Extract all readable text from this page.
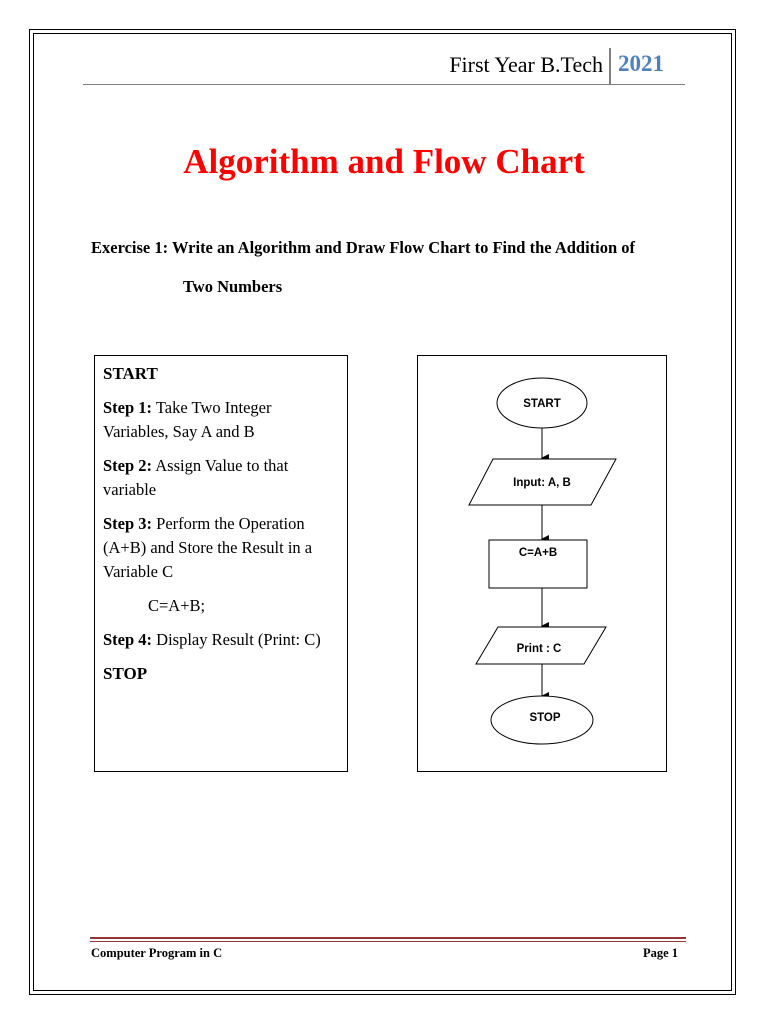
First Year B.Tech 2021
Algorithm and Flow Chart
Exercise 1: Write an Algorithm and Draw Flow Chart to Find the Addition of
Two Numbers

START

Step 1: Take Two Integer Variables, Say A and B

Step 2: Assign Value to that variable

Step 3: Perform the Operation (A+B) and Store the Result in a Variable C

C=A+B;

Step 4: Display Result (Print: C)

STOP

START
Input: A, B
C=A+B
Print : C
STOP
Computer Program in C	Page 1
